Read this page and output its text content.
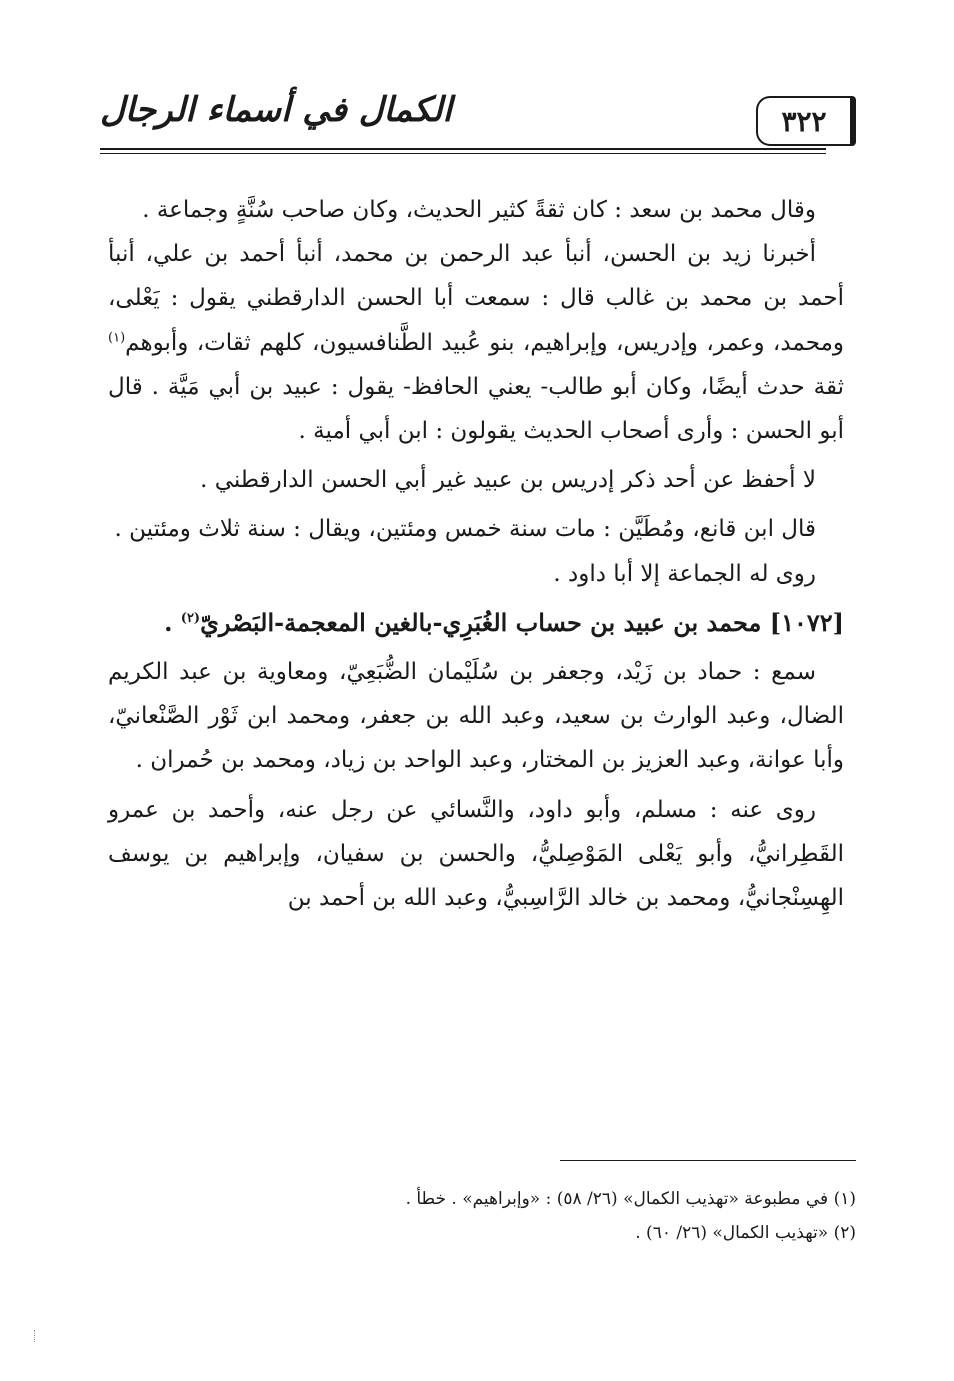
الكمال في أسماء الرجال	٣٢٢

وقال محمد بن سعد : كان ثقةً كثير الحديث، وكان صاحب سُنَّةٍ وجماعة .

أخبرنا زيد بن الحسن، أنبأ عبد الرحمن بن محمد، أنبأ أحمد بن علي، أنبأ أحمد بن محمد بن غالب قال : سمعت أبا الحسن الدارقطني يقول : يَعْلى، ومحمد، وعمر، وإدريس، وإبراهيم، بنو عُبيد الطَّنافسيون، كلهم ثقات، وأبوهم$^{(١)}$ ثقة حدث أيضًا، وكان أبو طالب- يعني الحافظ- يقول : عبيد بن أبي مَيَّة . قال أبو الحسن : وأرى أصحاب الحديث يقولون : ابن أبي أمية .

لا أحفظ عن أحد ذكر إدريس بن عبيد غير أبي الحسن الدارقطني .

قال ابن قانع، ومُطَيَّن : مات سنة خمس ومئتين، ويقال : سنة ثلاث ومئتين .

روى له الجماعة إلا أبا داود .

[١٠٧٢] محمد بن عبيد بن حساب الغُبَرِي-بالغين المعجمة-البَصْريّ$^{(٢)}$ .

سمع : حماد بن زَيْد، وجعفر بن سُلَيْمان الضُّبَعِيّ، ومعاوية بن عبد الكريم الضال، وعبد الوارث بن سعيد، وعبد الله بن جعفر، ومحمد ابن ثَوْر الصَّنْعانيّ، وأبا عوانة، وعبد العزيز بن المختار، وعبد الواحد بن زياد، ومحمد بن حُمران .

روى عنه : مسلم، وأبو داود، والنَّسائي عن رجل عنه، وأحمد بن عمرو القَطِرانيُّ، وأبو يَعْلى المَوْصِليُّ، والحسن بن سفيان، وإبراهيم بن يوسف الهِسِنْجانيُّ، ومحمد بن خالد الرَّاسِبيُّ، وعبد الله بن أحمد بن

(١) في مطبوعة «تهذيب الكمال» (٢٦/ ٥٨) : «وإبراهيم» . خطأ .

(٢) «تهذيب الكمال» (٢٦/ ٦٠) .
